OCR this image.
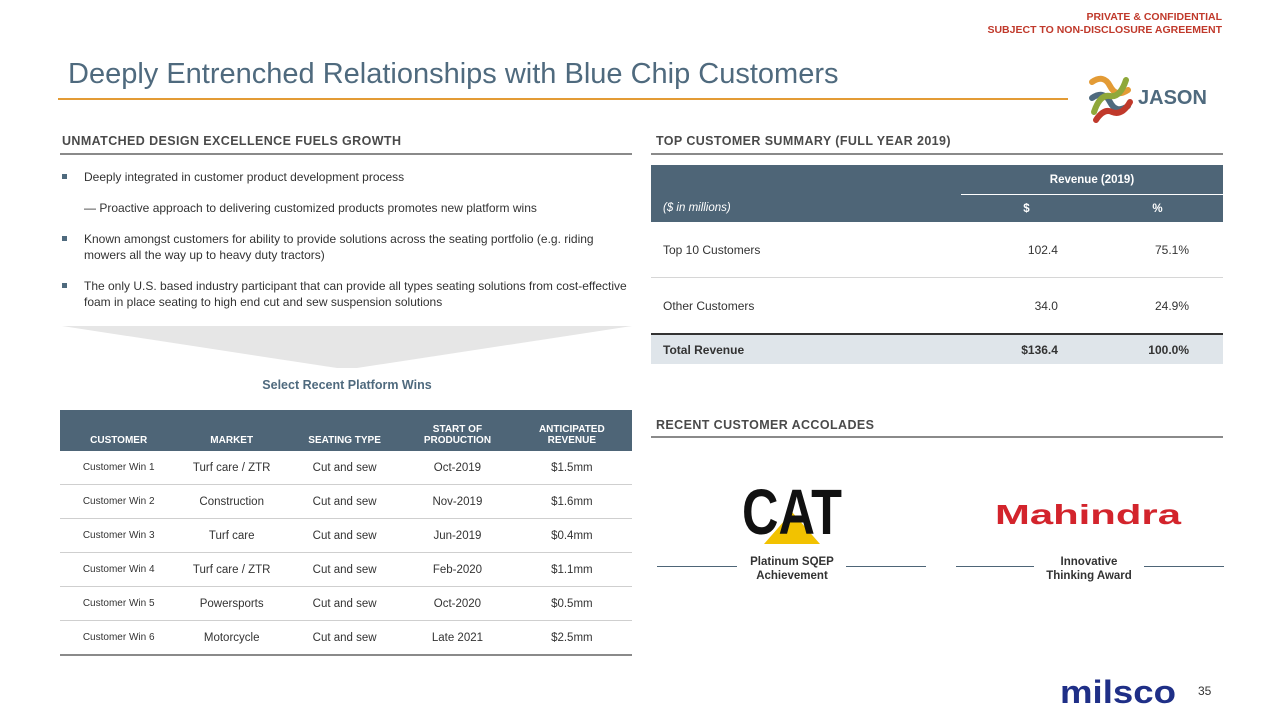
PRIVATE & CONFIDENTIAL
SUBJECT TO NON-DISCLOSURE AGREEMENT
Deeply Entrenched Relationships with Blue Chip Customers
JASON
UNMATCHED DESIGN EXCELLENCE FUELS GROWTH
Deeply integrated in customer product development process
— Proactive approach to delivering customized products promotes new platform wins
Known amongst customers for ability to provide solutions across the seating portfolio (e.g. riding mowers all the way up to heavy duty tractors)
The only U.S. based industry participant that can provide all types seating solutions from cost-effective foam in place seating to high end cut and sew suspension solutions
Select Recent Platform Wins
CUSTOMER	MARKET	SEATING TYPE	START OF PRODUCTION	ANTICIPATED REVENUE
Customer Win 1	Turf care / ZTR	Cut and sew	Oct-2019	$1.5mm
Customer Win 2	Construction	Cut and sew	Nov-2019	$1.6mm
Customer Win 3	Turf care	Cut and sew	Jun-2019	$0.4mm
Customer Win 4	Turf care / ZTR	Cut and sew	Feb-2020	$1.1mm
Customer Win 5	Powersports	Cut and sew	Oct-2020	$0.5mm
Customer Win 6	Motorcycle	Cut and sew	Late 2021	$2.5mm
TOP CUSTOMER SUMMARY (FULL YEAR 2019)
	Revenue (2019)	
($ in millions)	$	%
Top 10 Customers	102.4	75.1%
Other Customers	34.0	24.9%
Total Revenue	$136.4	100.0%
RECENT CUSTOMER ACCOLADES
CAT
Platinum SQEP
Achievement
Mahindra
Innovative
Thinking Award
milsco 35
